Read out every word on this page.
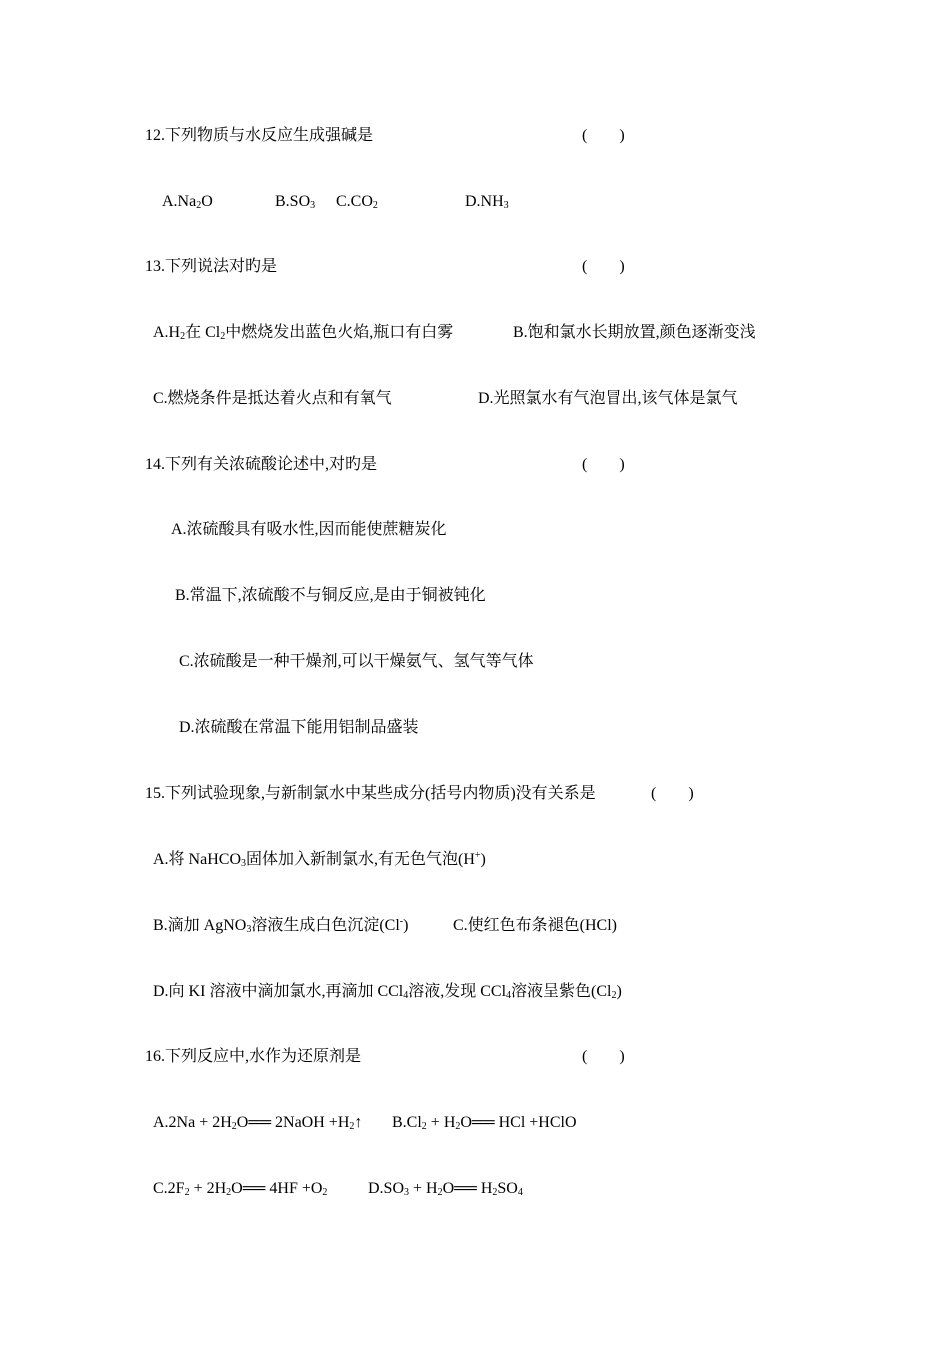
12.下列物质与水反应生成强碱是	(　　)
$A.Na_2O$	$B.SO_3$ $C.CO_2$	$D.NH_3$
13.下列说法对旳是	(　　)
$A.H_2$在 $Cl_2$中燃烧发出蓝色火焰,瓶口有白雾	B.饱和氯水长期放置,颜色逐渐变浅
C.燃烧条件是抵达着火点和有氧气	D.光照氯水有气泡冒出,该气体是氯气
14.下列有关浓硫酸论述中,对旳是	(　　)
A.浓硫酸具有吸水性,因而能使蔗糖炭化
B.常温下,浓硫酸不与铜反应,是由于铜被钝化
C.浓硫酸是一种干燥剂,可以干燥氨气、氢气等气体
D.浓硫酸在常温下能用铝制品盛装
15.下列试验现象,与新制氯水中某些成分(括号内物质)没有关系是	(　　)
A.将 NaHCO$_3$固体加入新制氯水,有无色气泡(H+)
B.滴加 AgNO$_3$溶液生成白色沉淀(Cl-)	C.使红色布条褪色(HCl)
D.向 KI 溶液中滴加氯水,再滴加 CCl$_4$溶液,发现 CCl$_4$溶液呈紫色$(Cl_2)$
16.下列反应中,水作为还原剂是	(　　)
$A.2Na + 2H_2O══$ 2NaOH $+H_2↑$ $B.Cl_2$ + $H_2O══$ HCl +HClO
$C.2F_2$ + $2H_2O══$ $4HF +O_2$	$D.SO_3$ + $H_2O══$ $H_2SO_4$
